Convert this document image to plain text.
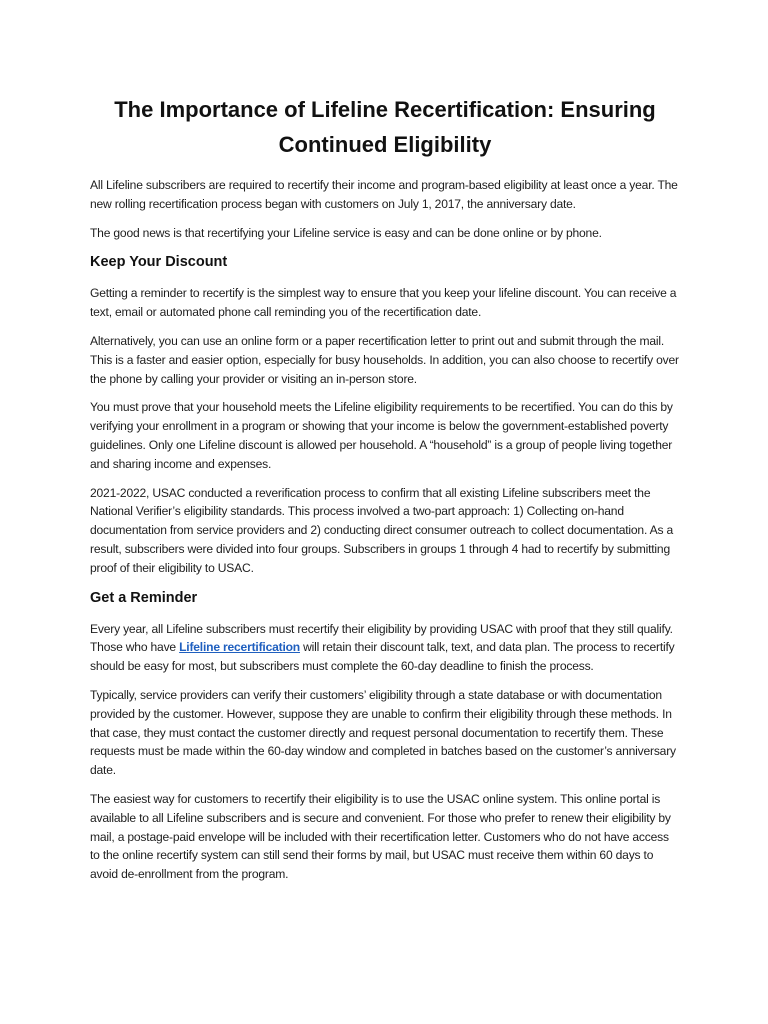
The Importance of Lifeline Recertification: Ensuring Continued Eligibility

All Lifeline subscribers are required to recertify their income and program-based eligibility at least once a year. The new rolling recertification process began with customers on July 1, 2017, the anniversary date.

The good news is that recertifying your Lifeline service is easy and can be done online or by phone.

Keep Your Discount

Getting a reminder to recertify is the simplest way to ensure that you keep your lifeline discount. You can receive a text, email or automated phone call reminding you of the recertification date.

Alternatively, you can use an online form or a paper recertification letter to print out and submit through the mail. This is a faster and easier option, especially for busy households. In addition, you can also choose to recertify over the phone by calling your provider or visiting an in-person store.

You must prove that your household meets the Lifeline eligibility requirements to be recertified. You can do this by verifying your enrollment in a program or showing that your income is below the government-established poverty guidelines. Only one Lifeline discount is allowed per household. A “household” is a group of people living together and sharing income and expenses.

2021-2022, USAC conducted a reverification process to confirm that all existing Lifeline subscribers meet the National Verifier’s eligibility standards. This process involved a two-part approach: 1) Collecting on-hand documentation from service providers and 2) conducting direct consumer outreach to collect documentation. As a result, subscribers were divided into four groups. Subscribers in groups 1 through 4 had to recertify by submitting proof of their eligibility to USAC.

Get a Reminder

Every year, all Lifeline subscribers must recertify their eligibility by providing USAC with proof that they still qualify. Those who have Lifeline recertification will retain their discount talk, text, and data plan. The process to recertify should be easy for most, but subscribers must complete the 60-day deadline to finish the process.

Typically, service providers can verify their customers’ eligibility through a state database or with documentation provided by the customer. However, suppose they are unable to confirm their eligibility through these methods. In that case, they must contact the customer directly and request personal documentation to recertify them. These requests must be made within the 60-day window and completed in batches based on the customer’s anniversary date.

The easiest way for customers to recertify their eligibility is to use the USAC online system. This online portal is available to all Lifeline subscribers and is secure and convenient. For those who prefer to renew their eligibility by mail, a postage-paid envelope will be included with their recertification letter. Customers who do not have access to the online recertify system can still send their forms by mail, but USAC must receive them within 60 days to avoid de-enrollment from the program.
